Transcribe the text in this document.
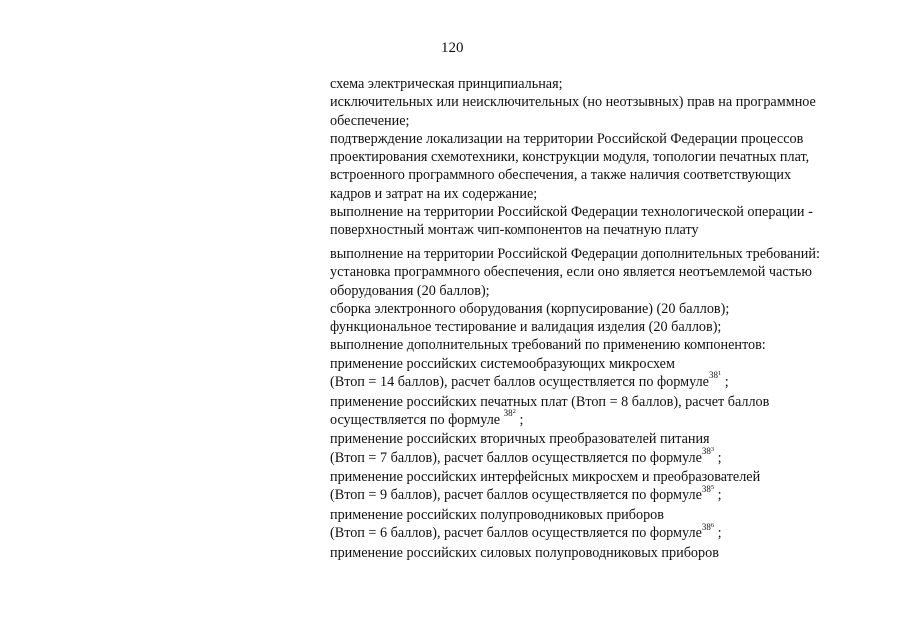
120
схема электрическая принципиальная;
исключительных или неисключительных (но неотзывных) прав на программное
обеспечение;
подтверждение локализации на территории Российской Федерации процессов
проектирования схемотехники, конструкции модуля, топологии печатных плат,
встроенного программного обеспечения, а также наличия соответствующих
кадров и затрат на их содержание;
выполнение на территории Российской Федерации технологической операции -
поверхностный монтаж чип-компонентов на печатную плату
выполнение на территории Российской Федерации дополнительных требований:
установка программного обеспечения, если оно является неотъемлемой частью
оборудования (20 баллов);
сборка электронного оборудования (корпусирование) (20 баллов);
функциональное тестирование и валидация изделия (20 баллов);
выполнение дополнительных требований по применению компонентов:
применение российских системообразующих микросхем
(Втоп = 14 баллов), расчет баллов осуществляется по формуле$^{38^1}$ ;
применение российских печатных плат (Втоп = 8 баллов), расчет баллов
осуществляется по формуле $^{38^2}$ ;
применение российских вторичных преобразователей питания
(Втоп = 7 баллов), расчет баллов осуществляется по формуле$^{38^3}$ ;
применение российских интерфейсных микросхем и преобразователей
(Втоп = 9 баллов), расчет баллов осуществляется по формуле$^{38^5}$ ;
применение российских полупроводниковых приборов
(Втоп = 6 баллов), расчет баллов осуществляется по формуле$^{38^6}$ ;
применение российских силовых полупроводниковых приборов
